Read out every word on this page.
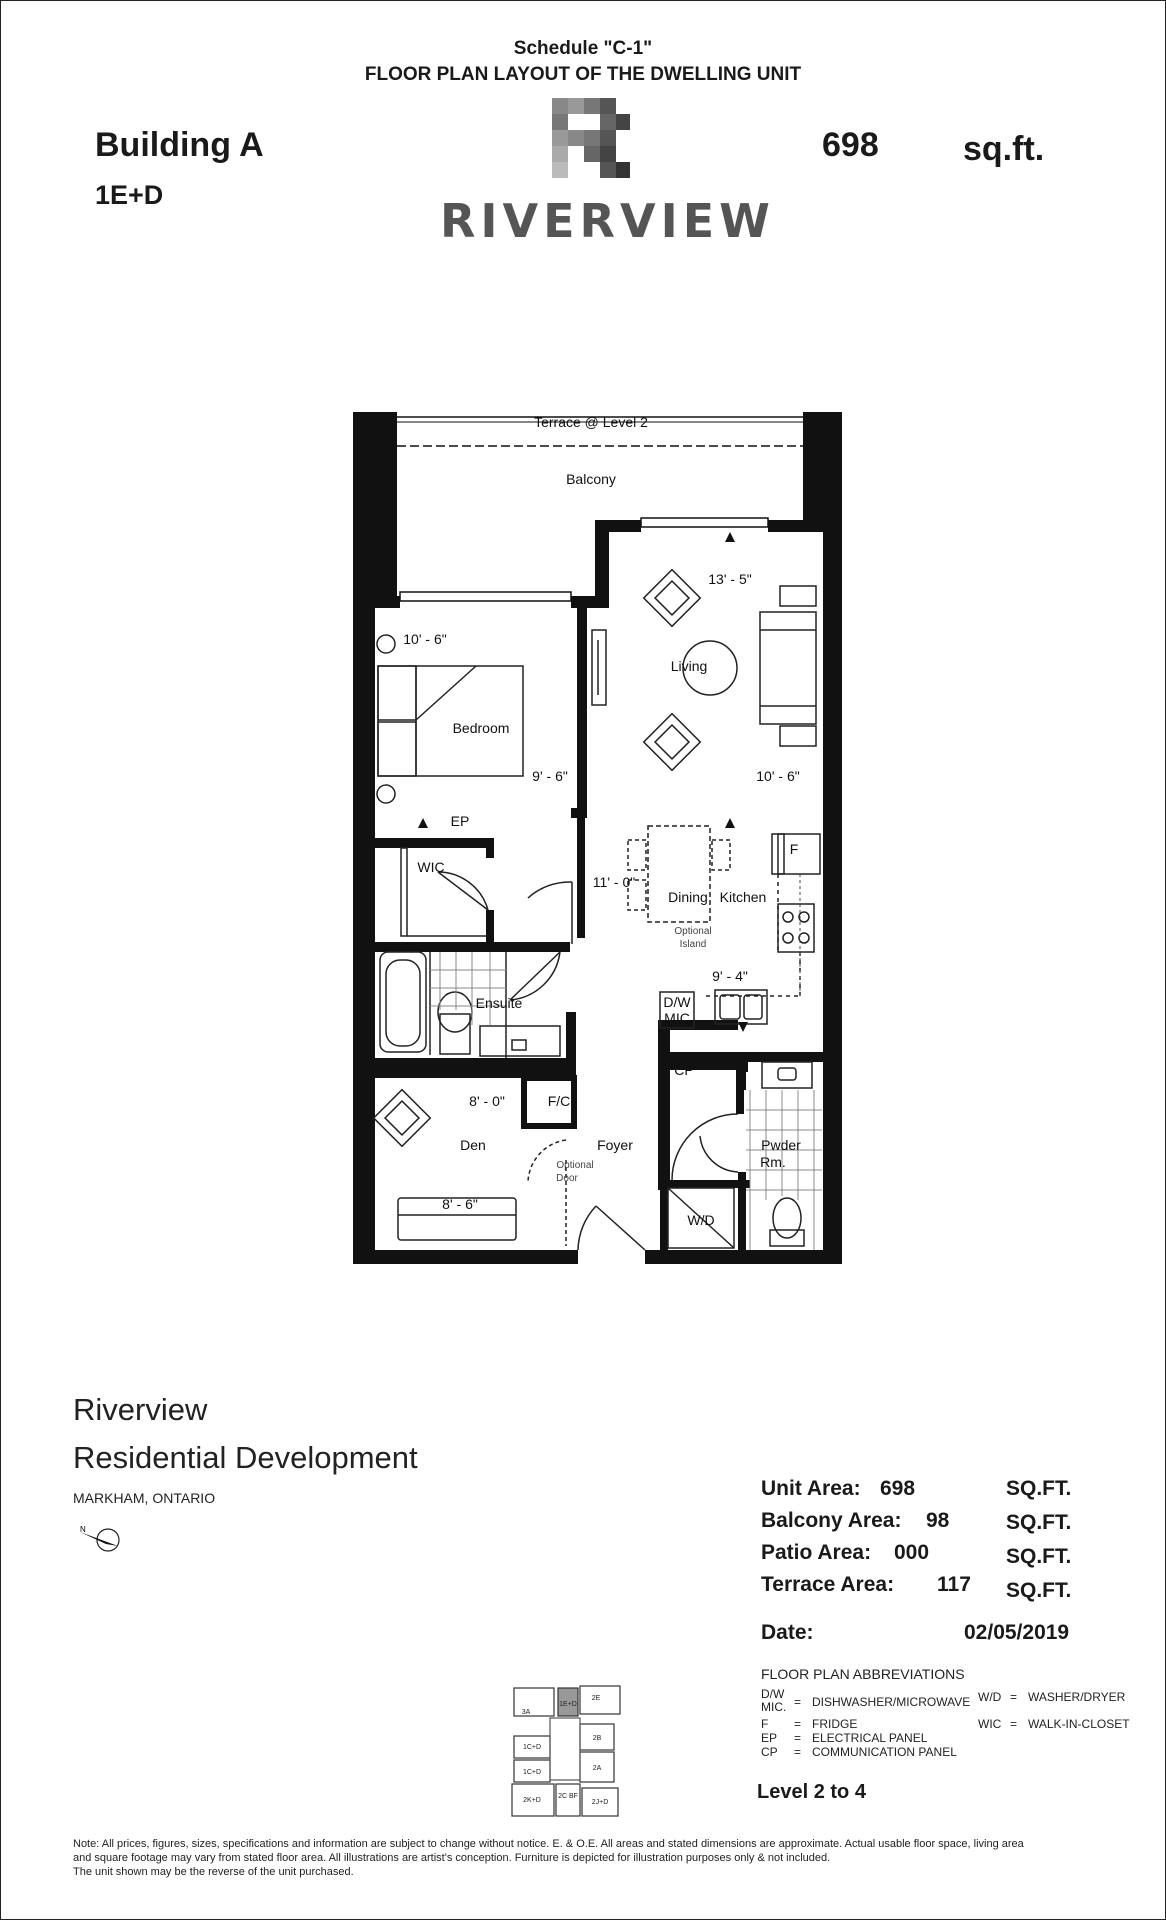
Schedule "C-1"
FLOOR PLAN LAYOUT OF THE DWELLING UNIT
Building A
1E+D
698 sq.ft.
RIVERVIEW
Terrace @ Level 2
Balcony
13' - 5"
Living
10' - 6"
10' - 6"
Bedroom
9' - 6"
EP
WIC
11' - 0"
Dining Kitchen
F
9' - 4"
Ensuite	D/W
MIC
CP
8' - 0"	F/C
Den	Foyer	Pwder
Rm.
8' - 6"
W/D
Optional
Island
Optional
Door
Riverview
Residential Development
MARKHAM, ONTARIO
N
Unit Area: 698	SQ.FT.
Balcony Area: 98	SQ.FT.
Patio Area: 000	SQ.FT.
Terrace Area: 117 SQ.FT.
Date:	02/05/2019
FLOOR PLAN ABBREVIATIONS
D/W MIC. = DISHWASHER/MICROWAVE
F = FRIDGE
EP = ELECTRICAL PANEL
CP = COMMUNICATION PANEL
W/D = WASHER/DRYER
WIC = WALK-IN-CLOSET
Level 2 to 4
3A
1E+D
2E
1C+D
2B
1C+D
2A
2K+D
2C BF
2J+D
Note: All prices, figures, sizes, specifications and information are subject to change without notice. E. & O.E. All areas and stated dimensions are approximate. Actual usable floor space, living area
and square footage may vary from stated floor area. All illustrations are artist's conception. Furniture is depicted for illustration purposes only & not included.
The unit shown may be the reverse of the unit purchased.
